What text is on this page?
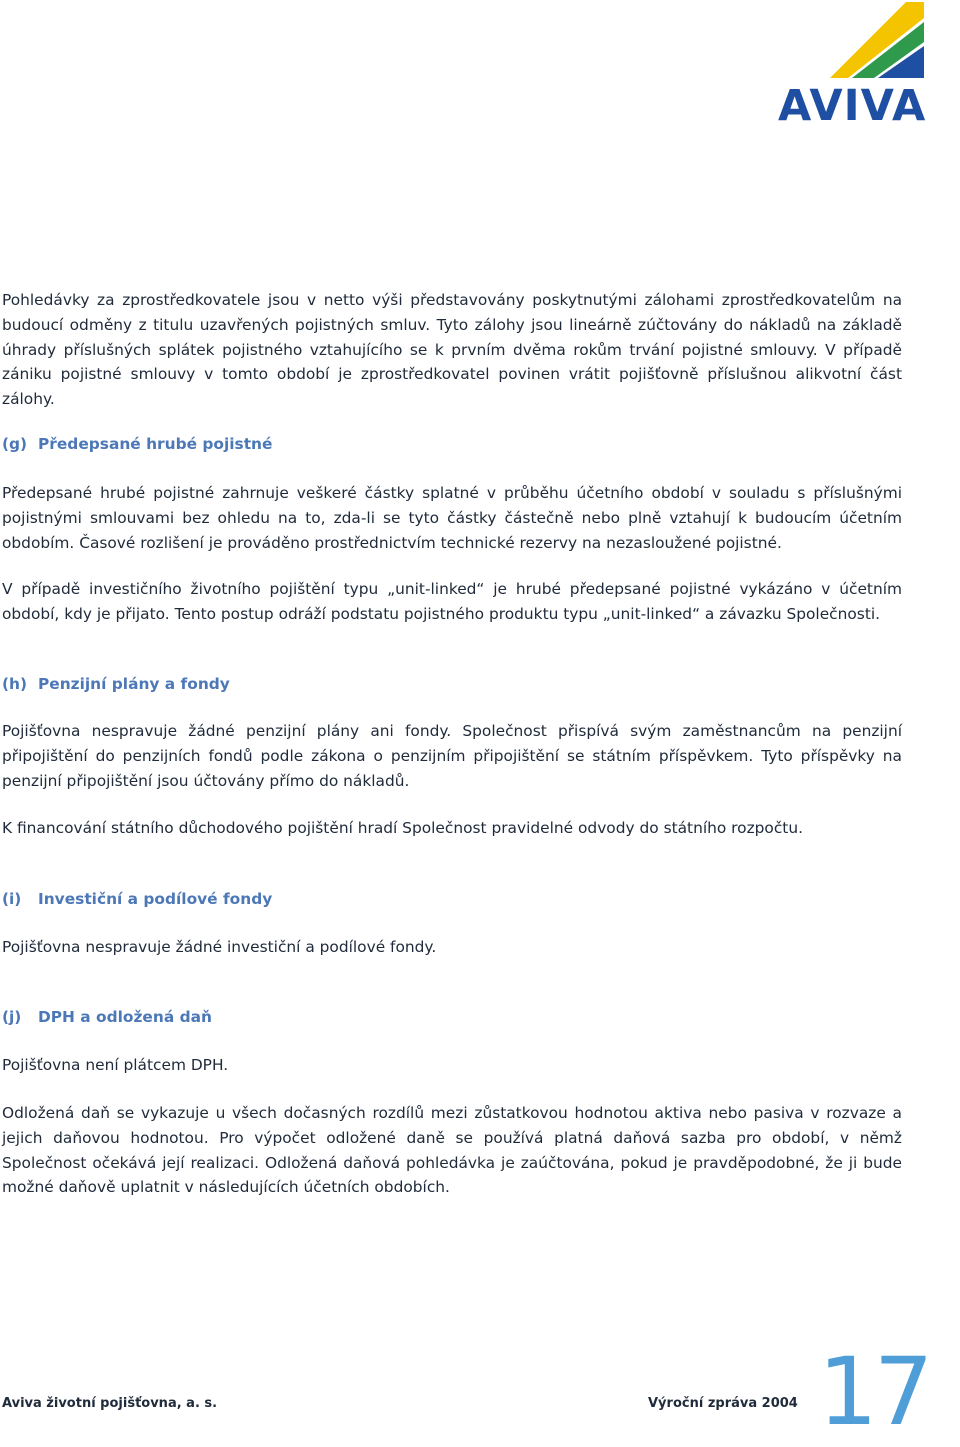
AVIVA
Pohledávky za zprostředkovatele jsou v netto výši představovány poskytnutými zálohami zprostředkovatelům na budoucí odměny z titulu uzavřených pojistných smluv. Tyto zálohy jsou lineárně zúčtovány do nákladů na základě úhrady příslušných splátek pojistného vztahujícího se k prvním dvěma rokům trvání pojistné smlouvy. V případě zániku pojistné smlouvy v tomto období je zprostředkovatel povinen vrátit pojišťovně příslušnou alikvotní část zálohy.
(g) Předepsané hrubé pojistné
Předepsané hrubé pojistné zahrnuje veškeré částky splatné v průběhu účetního období v souladu s příslušnými pojistnými smlouvami bez ohledu na to, zda-li se tyto částky částečně nebo plně vztahují k budoucím účetním obdobím. Časové rozlišení je prováděno prostřednictvím technické rezervy na nezasloužené pojistné.
V případě investičního životního pojištění typu „unit-linked“ je hrubé předepsané pojistné vykázáno v účetním období, kdy je přijato. Tento postup odráží podstatu pojistného produktu typu „unit-linked“ a závazku Společnosti.
(h) Penzijní plány a fondy
Pojišťovna nespravuje žádné penzijní plány ani fondy. Společnost přispívá svým zaměstnancům na penzijní připojištění do penzijních fondů podle zákona o penzijním připojištění se státním příspěvkem. Tyto příspěvky na penzijní připojištění jsou účtovány přímo do nákladů.
K financování státního důchodového pojištění hradí Společnost pravidelné odvody do státního rozpočtu.
(i) Investiční a podílové fondy
Pojišťovna nespravuje žádné investiční a podílové fondy.
(j) DPH a odložená daň
Pojišťovna není plátcem DPH.
Odložená daň se vykazuje u všech dočasných rozdílů mezi zůstatkovou hodnotou aktiva nebo pasiva v rozvaze a jejich daňovou hodnotou. Pro výpočet odložené daně se používá platná daňová sazba pro období, v němž Společnost očekává její realizaci. Odložená daňová pohledávka je zaúčtována, pokud je pravděpodobné, že ji bude možné daňově uplatnit v následujících účetních obdobích.
Aviva životní pojišťovna, a. s.	Výroční zpráva 2004 17
